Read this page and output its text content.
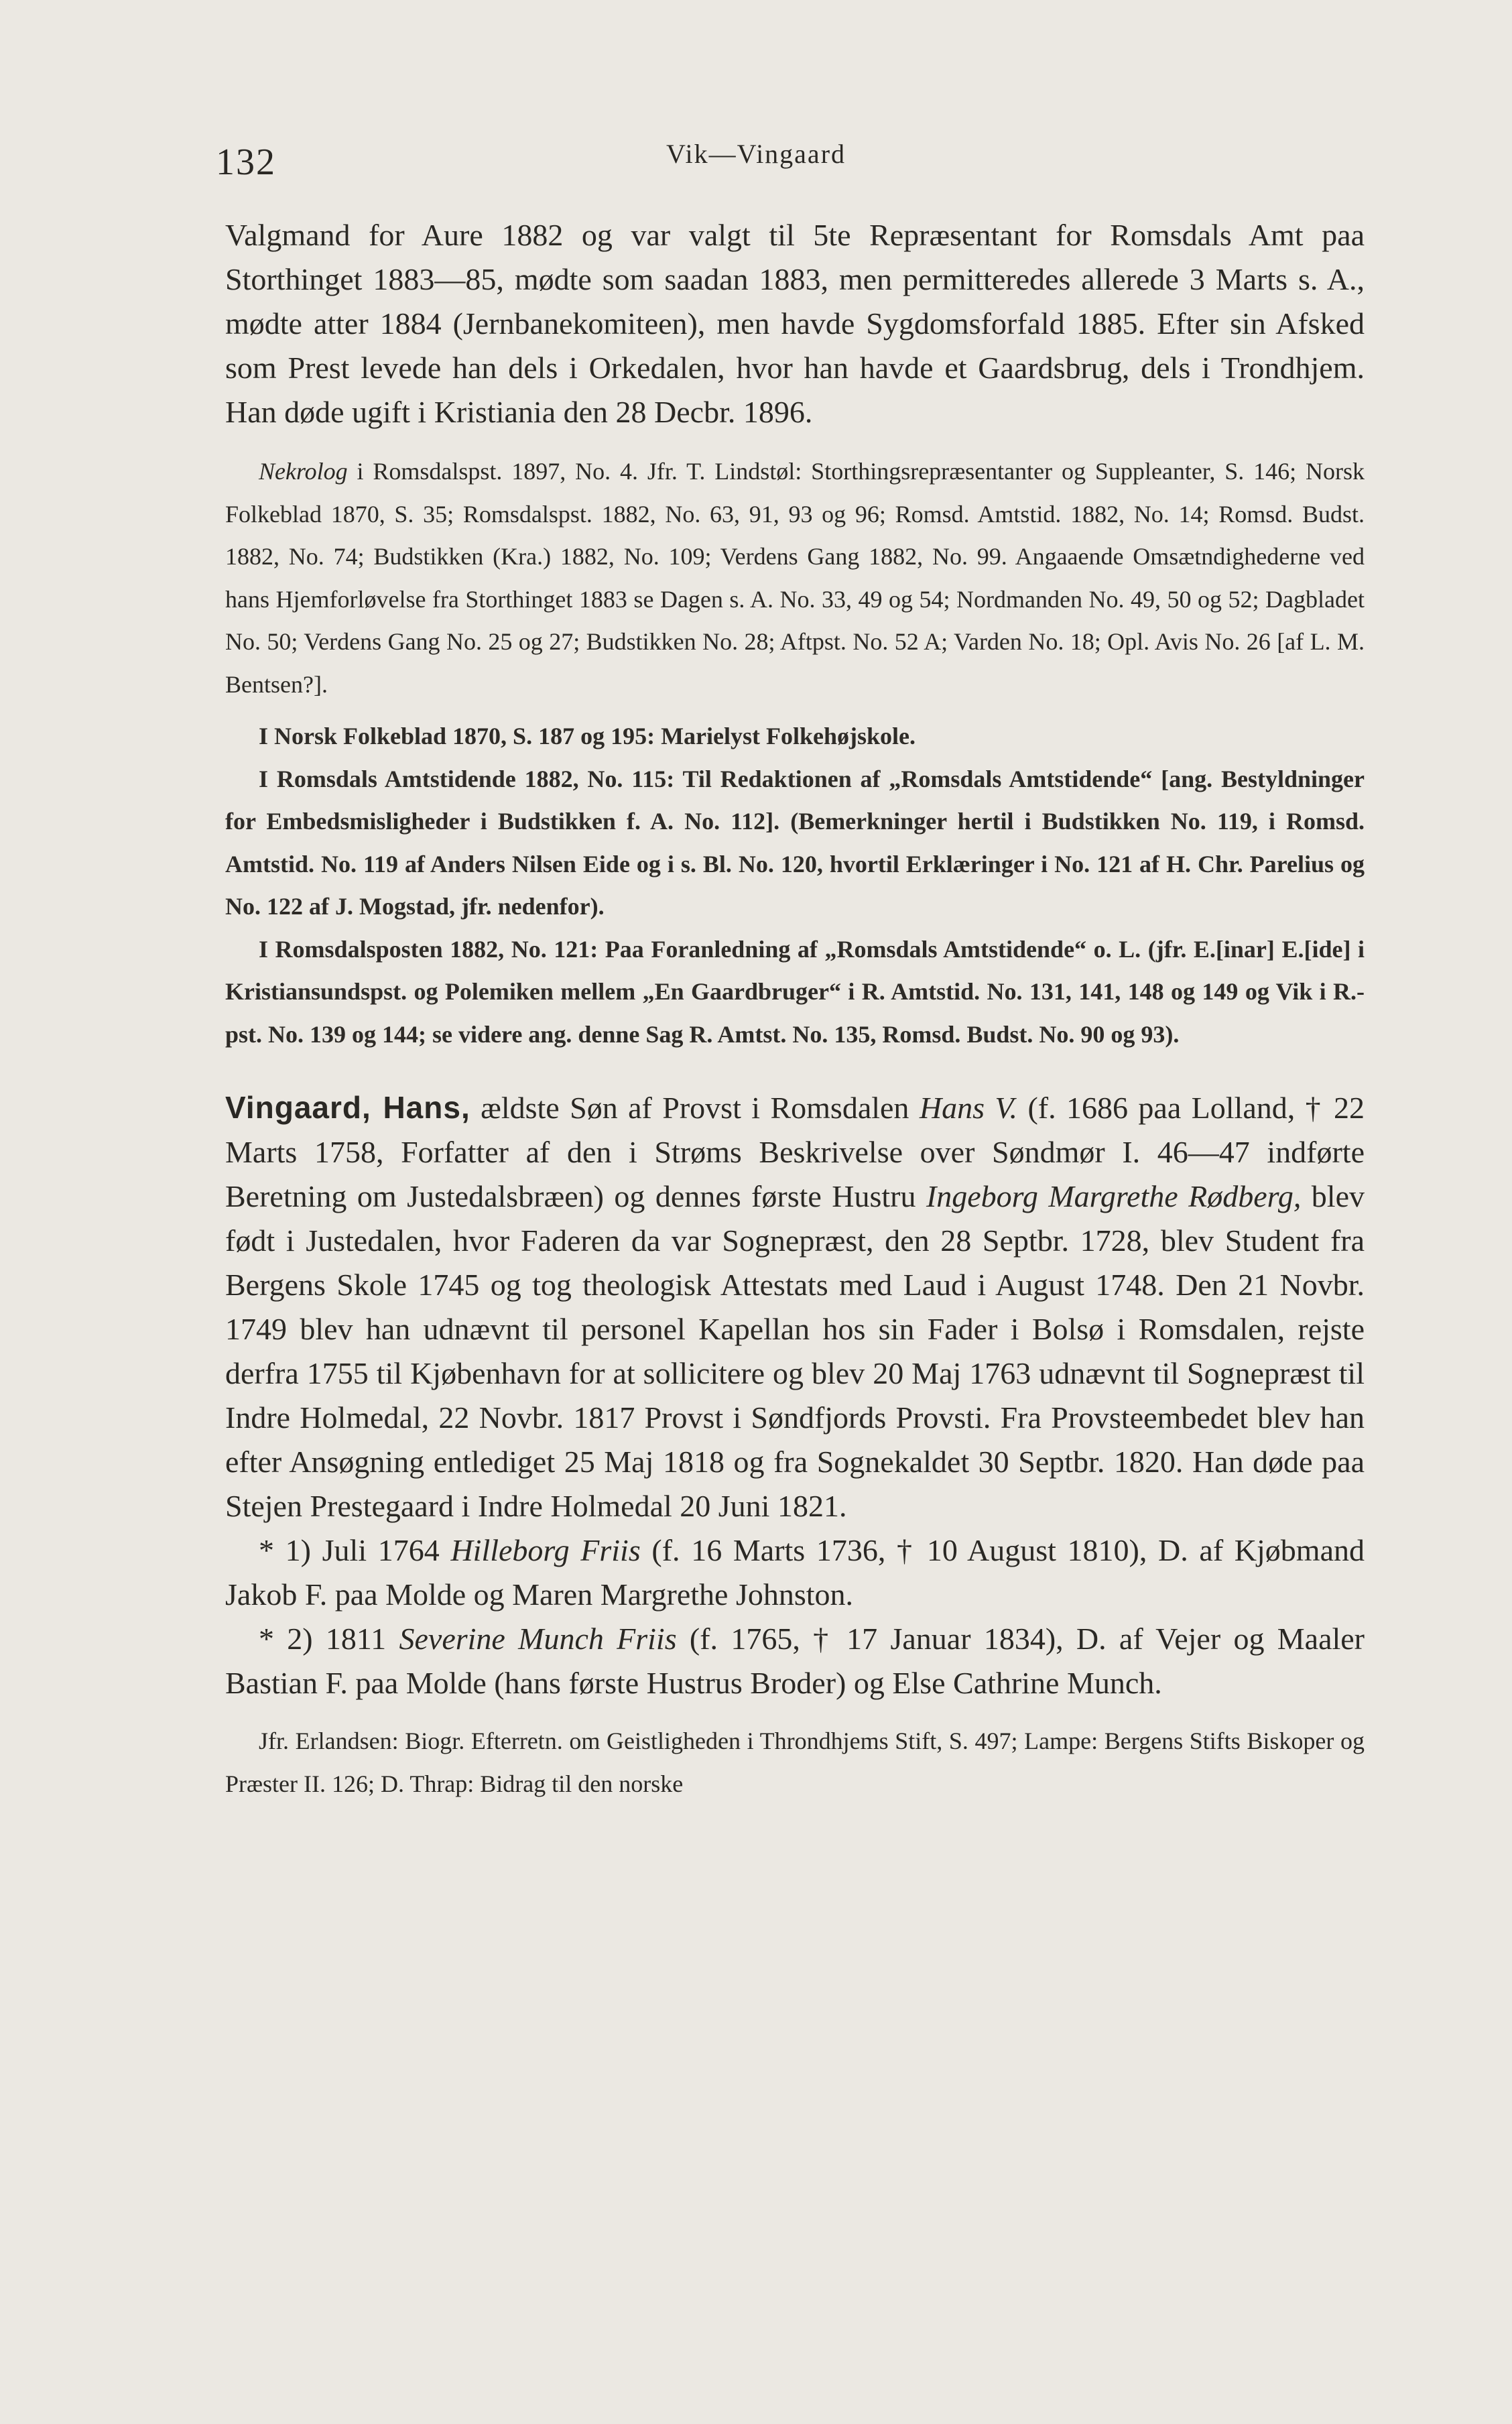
132	Vik—Vingaard

Valgmand for Aure 1882 og var valgt til 5te Repræsentant for Romsdals Amt paa Storthinget 1883—85, mødte som saadan 1883, men permitteredes allerede 3 Marts s. A., mødte atter 1884 (Jernbanekomiteen), men havde Sygdomsforfald 1885. Efter sin Afsked som Prest levede han dels i Orkedalen, hvor han havde et Gaardsbrug, dels i Trondhjem. Han døde ugift i Kristiania den 28 Decbr. 1896.

Nekrolog i Romsdalspst. 1897, No. 4. Jfr. T. Lindstøl: Storthingsrepræsentanter og Suppleanter, S. 146; Norsk Folkeblad 1870, S. 35; Romsdalspst. 1882, No. 63, 91, 93 og 96; Romsd. Amtstid. 1882, No. 14; Romsd. Budst. 1882, No. 74; Budstikken (Kra.) 1882, No. 109; Verdens Gang 1882, No. 99. Angaaende Omsætndighederne ved hans Hjemforløvelse fra Storthinget 1883 se Dagen s. A. No. 33, 49 og 54; Nordmanden No. 49, 50 og 52; Dagbladet No. 50; Verdens Gang No. 25 og 27; Budstikken No. 28; Aftpst. No. 52 A; Varden No. 18; Opl. Avis No. 26 [af L. M. Bentsen?].

I Norsk Folkeblad 1870, S. 187 og 195: Marielyst Folkehøjskole.

I Romsdals Amtstidende 1882, No. 115: Til Redaktionen af „Romsdals Amtstidende“ [ang. Bestyldninger for Embedsmisligheder i Budstikken f. A. No. 112]. (Bemerkninger hertil i Budstikken No. 119, i Romsd. Amtstid. No. 119 af Anders Nilsen Eide og i s. Bl. No. 120, hvortil Erklæringer i No. 121 af H. Chr. Parelius og No. 122 af J. Mogstad, jfr. nedenfor).

I Romsdalsposten 1882, No. 121: Paa Foranledning af „Romsdals Amtstidende“ o. L. (jfr. E.[inar] E.[ide] i Kristiansundspst. og Polemiken mellem „En Gaardbruger“ i R. Amtstid. No. 131, 141, 148 og 149 og Vik i R.-pst. No. 139 og 144; se videre ang. denne Sag R. Amtst. No. 135, Romsd. Budst. No. 90 og 93).

Vingaard, Hans, ældste Søn af Provst i Romsdalen Hans V. (f. 1686 paa Lolland, † 22 Marts 1758, Forfatter af den i Strøms Beskrivelse over Søndmør I. 46—47 indførte Beretning om Justedalsbræen) og dennes første Hustru Ingeborg Margrethe Rødberg, blev født i Justedalen, hvor Faderen da var Sognepræst, den 28 Septbr. 1728, blev Student fra Bergens Skole 1745 og tog theologisk Attestats med Laud i August 1748. Den 21 Novbr. 1749 blev han udnævnt til personel Kapellan hos sin Fader i Bolsø i Romsdalen, rejste derfra 1755 til Kjøbenhavn for at sollicitere og blev 20 Maj 1763 udnævnt til Sognepræst til Indre Holmedal, 22 Novbr. 1817 Provst i Søndfjords Provsti. Fra Provsteembedet blev han efter Ansøgning entlediget 25 Maj 1818 og fra Sognekaldet 30 Septbr. 1820. Han døde paa Stejen Prestegaard i Indre Holmedal 20 Juni 1821.

* 1) Juli 1764 Hilleborg Friis (f. 16 Marts 1736, † 10 August 1810), D. af Kjøbmand Jakob F. paa Molde og Maren Margrethe Johnston.

* 2) 1811 Severine Munch Friis (f. 1765, † 17 Januar 1834), D. af Vejer og Maaler Bastian F. paa Molde (hans første Hustrus Broder) og Else Cathrine Munch.

Jfr. Erlandsen: Biogr. Efterretn. om Geistligheden i Throndhjems Stift, S. 497; Lampe: Bergens Stifts Biskoper og Præster II. 126; D. Thrap: Bidrag til den norske
